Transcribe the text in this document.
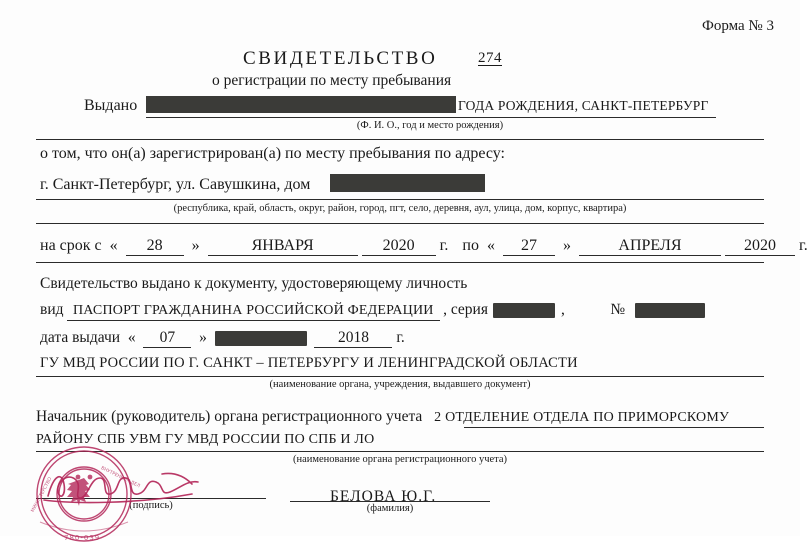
Форма № 3
СВИДЕТЕЛЬСТВО	274
о регистрации по месту пребывания
Выдано	ГОДА РОЖДЕНИЯ, САНКТ-ПЕТЕРБУРГ
(Ф. И. О., год и место рождения)
о том, что он(а) зарегистрирован(а) по месту пребывания по адресу:
г. Санкт-Петербург, ул. Савушкина, дом
(республика, край, область, округ, район, город, пгт, село, деревня, аул, улица, дом, корпус, квартира)
на срок с  «  28  »	ЯНВАРЯ	2020 г. по  «  27  »	АПРЕЛЯ	2020 г.
Свидетельство выдано к документу, удостоверяющему личность
вид ПАСПОРТ ГРАЖДАНИНА РОССИЙСКОЙ ФЕДЕРАЦИИ , серия	,	№
дата выдачи  «  07  »	2018 г.
ГУ МВД РОССИИ ПО Г. САНКТ – ПЕТЕРБУРГУ И ЛЕНИНГРАДСКОЙ ОБЛАСТИ
(наименование органа, учреждения, выдавшего документ)
Начальник (руководитель) органа регистрационного учета 2 ОТДЕЛЕНИЕ ОТДЕЛА ПО ПРИМОРСКОМУ
РАЙОНУ СПБ УВМ ГУ МВД РОССИИ ПО СПБ И ЛО
(наименование органа регистрационного учета)
(подпись)
БЕЛОВА Ю.Г.
(фамилия)
МИНИСТЕРСТВО	ВНУТРЕННИХ ДЕЛ
780-039
